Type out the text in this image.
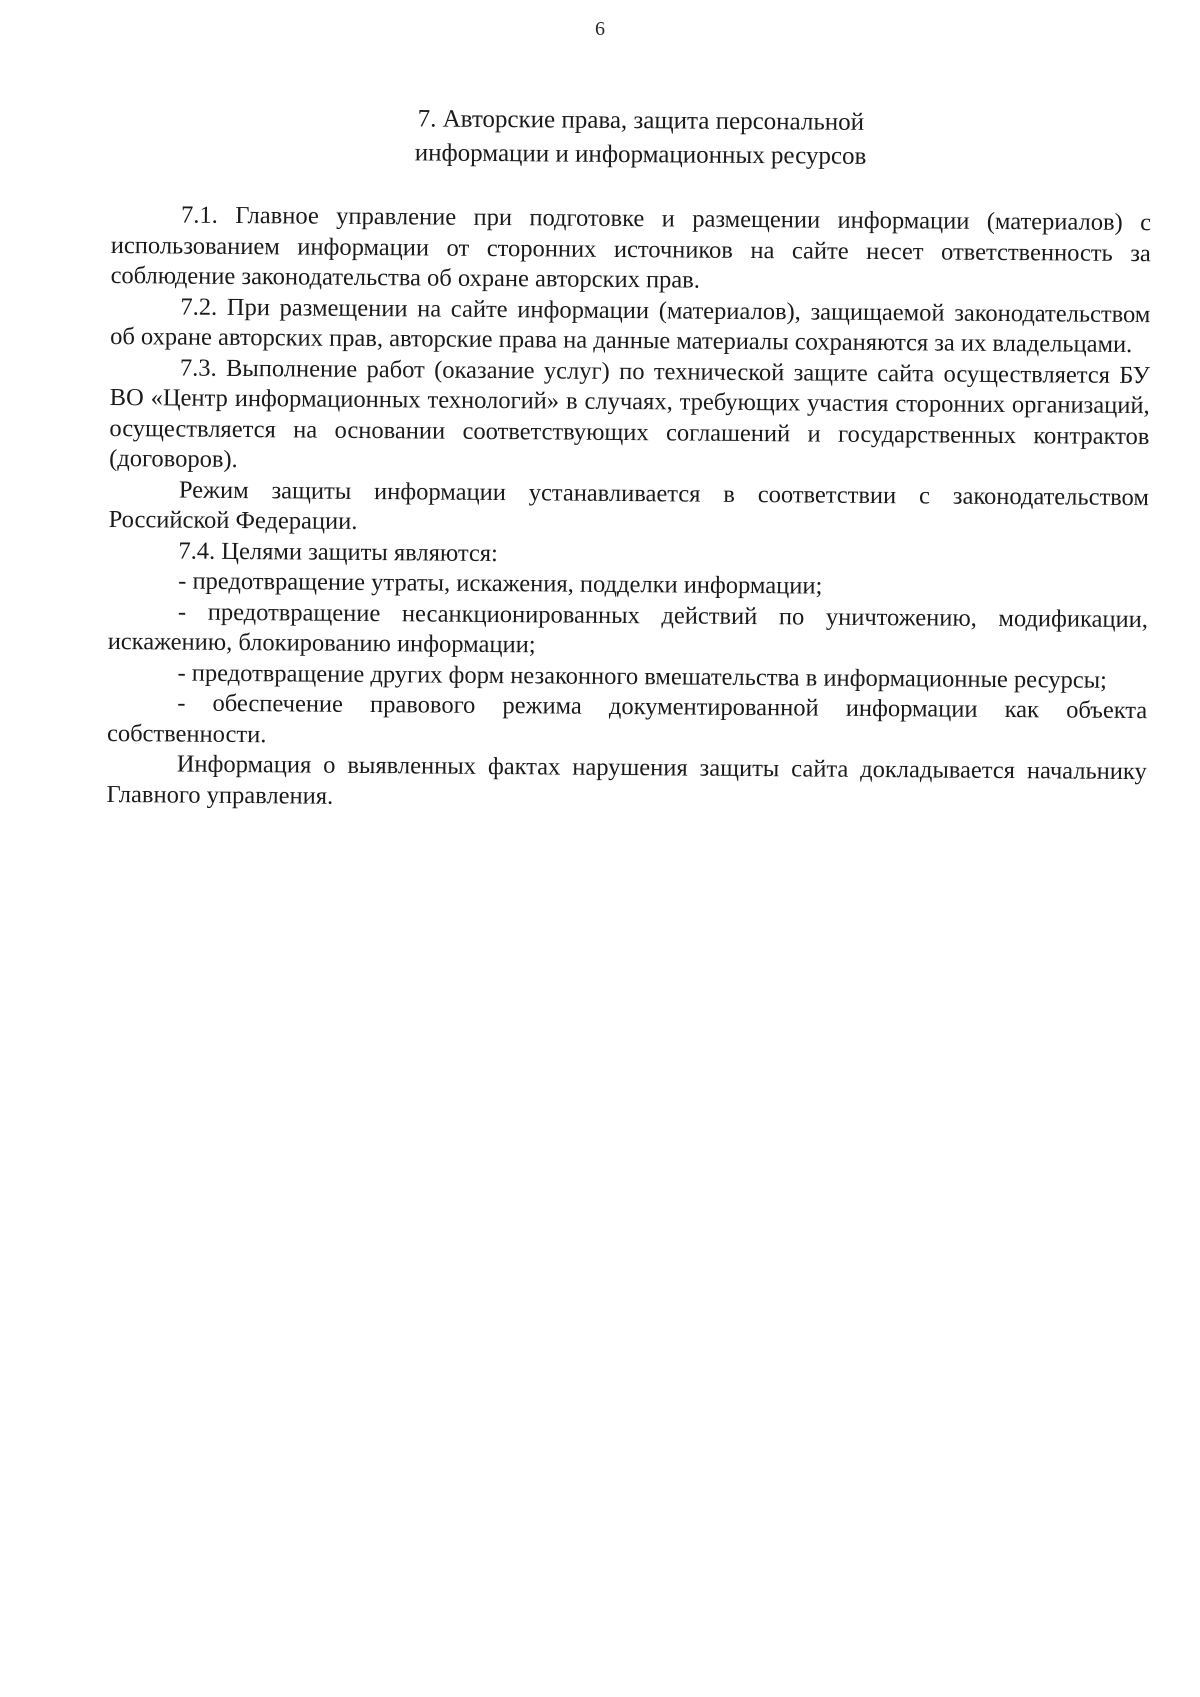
6
7. Авторские права, защита персональной
информации и информационных ресурсов

7.1. Главное управление при подготовке и размещении информации (материалов) с использованием информации от сторонних источников на сайте несет ответственность за соблюдение законодательства об охране авторских прав.

7.2. При размещении на сайте информации (материалов), защищаемой законодательством об охране авторских прав, авторские права на данные материалы сохраняются за их владельцами.

7.3. Выполнение работ (оказание услуг) по технической защите сайта осуществляется БУ ВО «Центр информационных технологий» в случаях, требующих участия сторонних организаций, осуществляется на основании соответствующих соглашений и государственных контрактов (договоров).

Режим защиты информации устанавливается в соответствии с законодательством Российской Федерации.

7.4. Целями защиты являются:

- предотвращение утраты, искажения, подделки информации;

- предотвращение несанкционированных действий по уничтожению, модификации, искажению, блокированию информации;

- предотвращение других форм незаконного вмешательства в информационные ресурсы;

- обеспечение правового режима документированной информации как объекта собственности.

Информация о выявленных фактах нарушения защиты сайта докладывается начальнику Главного управления.
